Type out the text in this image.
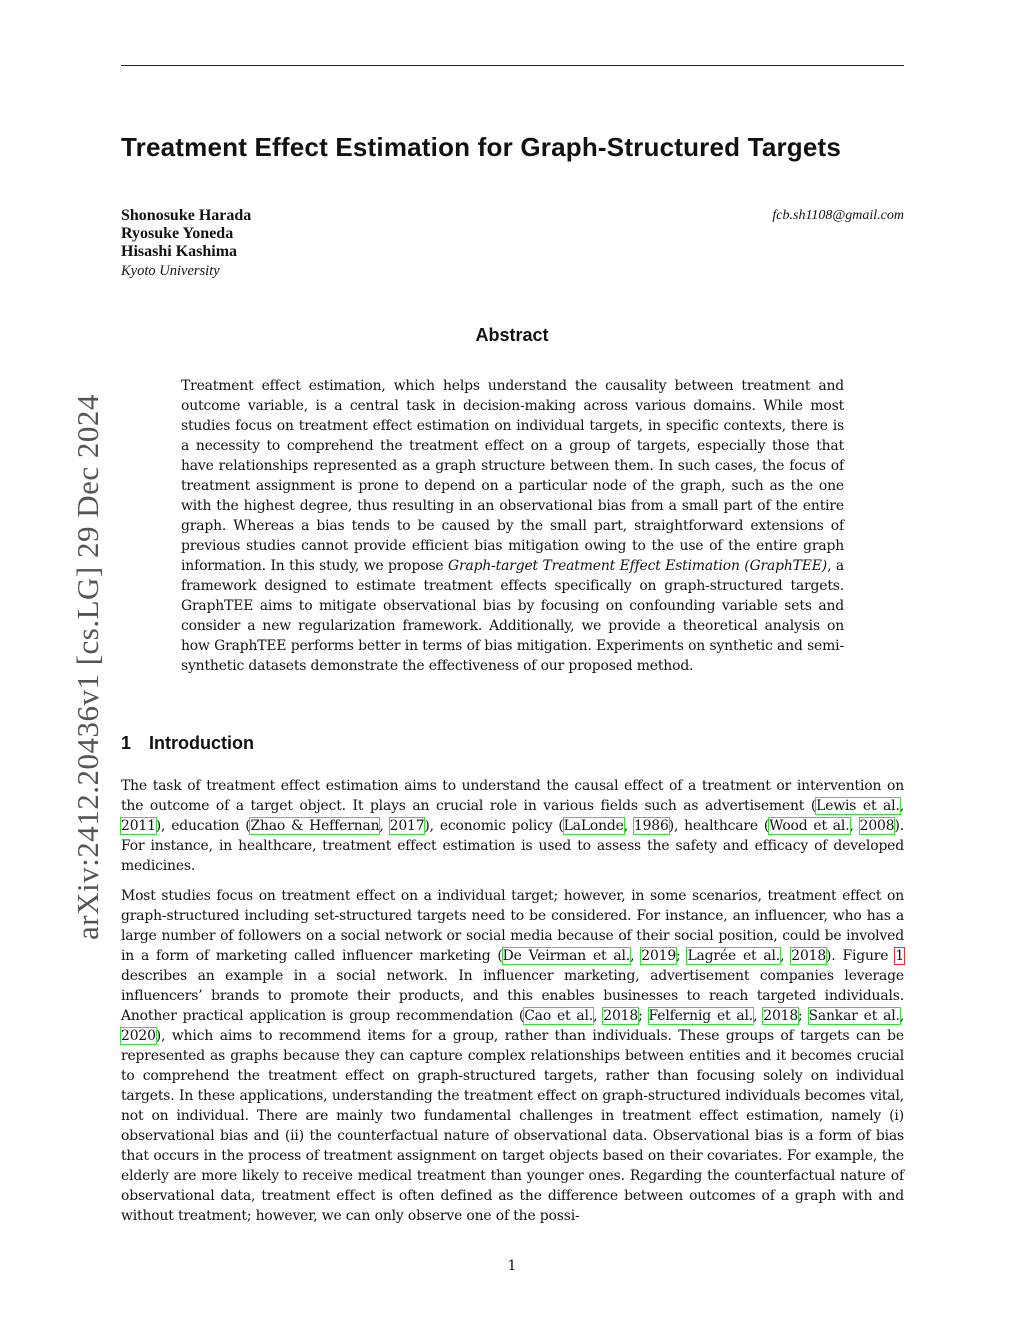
arXiv:2412.20436v1 [cs.LG] 29 Dec 2024
Treatment Effect Estimation for Graph-Structured Targets
Shonosuke Harada
Ryosuke Yoneda
Hisashi Kashima
Kyoto University
fcb.sh1108@gmail.com
Abstract

Treatment effect estimation, which helps understand the causality between treatment and outcome variable, is a central task in decision-making across various domains. While most studies focus on treatment effect estimation on individual targets, in specific contexts, there is a necessity to comprehend the treatment effect on a group of targets, especially those that have relationships represented as a graph structure between them. In such cases, the focus of treatment assignment is prone to depend on a particular node of the graph, such as the one with the highest degree, thus resulting in an observational bias from a small part of the entire graph. Whereas a bias tends to be caused by the small part, straightforward extensions of previous studies cannot provide efficient bias mitigation owing to the use of the entire graph information. In this study, we propose Graph-target Treatment Effect Estimation (GraphTEE), a framework designed to estimate treatment effects specifically on graph-structured targets. GraphTEE aims to mitigate observational bias by focusing on confounding variable sets and consider a new regularization framework. Additionally, we provide a theoretical analysis on how GraphTEE performs better in terms of bias mitigation. Experiments on synthetic and semi-synthetic datasets demonstrate the effectiveness of our proposed method.

1 Introduction

The task of treatment effect estimation aims to understand the causal effect of a treatment or intervention on the outcome of a target object. It plays an crucial role in various fields such as advertisement (Lewis et al., 2011), education (Zhao & Heffernan, 2017), economic policy (LaLonde, 1986), healthcare (Wood et al., 2008). For instance, in healthcare, treatment effect estimation is used to assess the safety and efficacy of developed medicines.

Most studies focus on treatment effect on a individual target; however, in some scenarios, treatment effect on graph-structured including set-structured targets need to be considered. For instance, an influencer, who has a large number of followers on a social network or social media because of their social position, could be involved in a form of marketing called influencer marketing (De Veirman et al., 2019; Lagrée et al., 2018). Figure 1 describes an example in a social network. In influencer marketing, advertisement companies leverage influencers’ brands to promote their products, and this enables businesses to reach targeted individuals. Another practical application is group recommendation (Cao et al., 2018; Felfernig et al., 2018; Sankar et al., 2020), which aims to recommend items for a group, rather than individuals. These groups of targets can be represented as graphs because they can capture complex relationships between entities and it becomes crucial to comprehend the treatment effect on graph-structured targets, rather than focusing solely on individual targets. In these applications, understanding the treatment effect on graph-structured individuals becomes vital, not on individual. There are mainly two fundamental challenges in treatment effect estimation, namely (i) observational bias and (ii) the counterfactual nature of observational data. Observational bias is a form of bias that occurs in the process of treatment assignment on target objects based on their covariates. For example, the elderly are more likely to receive medical treatment than younger ones. Regarding the counterfactual nature of observational data, treatment effect is often defined as the difference between outcomes of a graph with and without treatment; however, we can only observe one of the possi-

1
